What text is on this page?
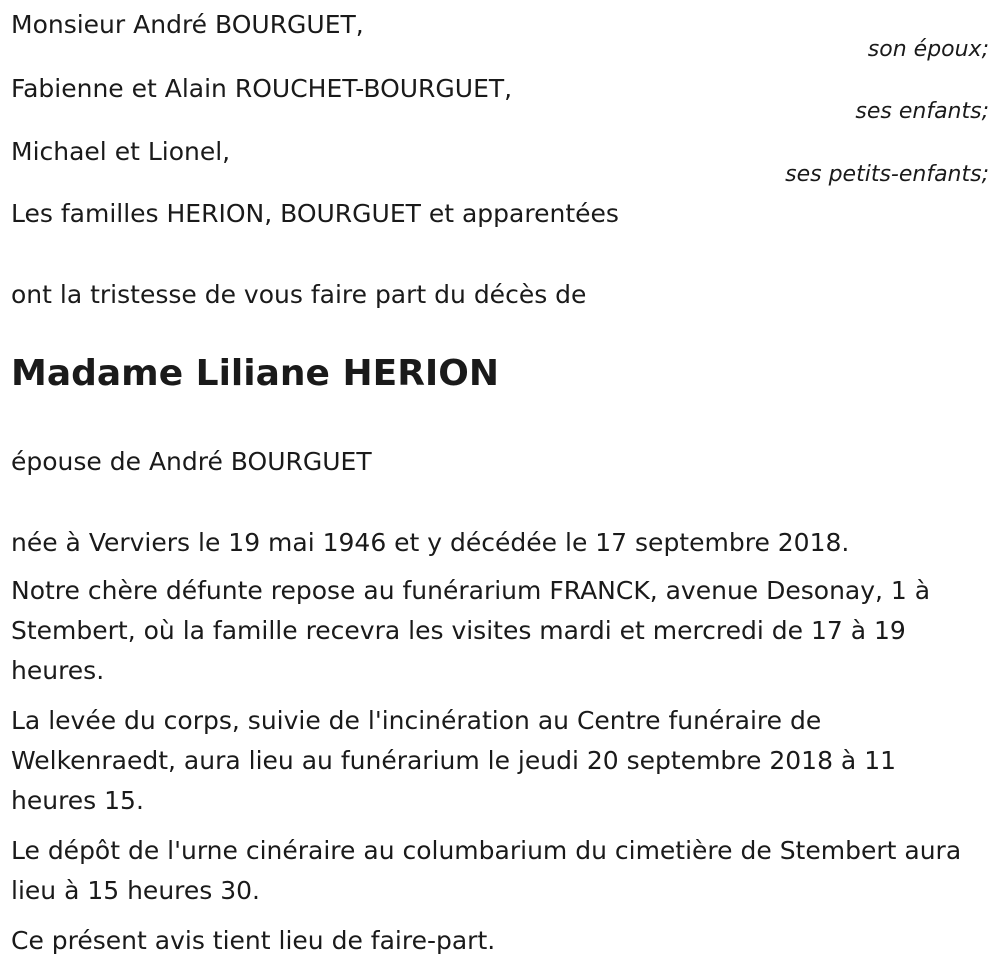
Monsieur André BOURGUET,
son époux;
Fabienne et Alain ROUCHET-BOURGUET,
ses enfants;
Michael et Lionel,
ses petits-enfants;
Les familles HERION, BOURGUET et apparentées
ont la tristesse de vous faire part du décès de
Madame Liliane HERION
épouse de André BOURGUET
née à Verviers le 19 mai 1946 et y décédée le 17 septembre 2018.
Notre chère défunte repose au funérarium FRANCK, avenue Desonay, 1 à Stembert, où la famille recevra les visites mardi et mercredi de 17 à 19 heures.
La levée du corps, suivie de l'incinération au Centre funéraire de Welkenraedt, aura lieu au funérarium le jeudi 20 septembre 2018 à 11 heures 15.
Le dépôt de l'urne cinéraire au columbarium du cimetière de Stembert aura lieu à 15 heures 30.
Ce présent avis tient lieu de faire-part.
